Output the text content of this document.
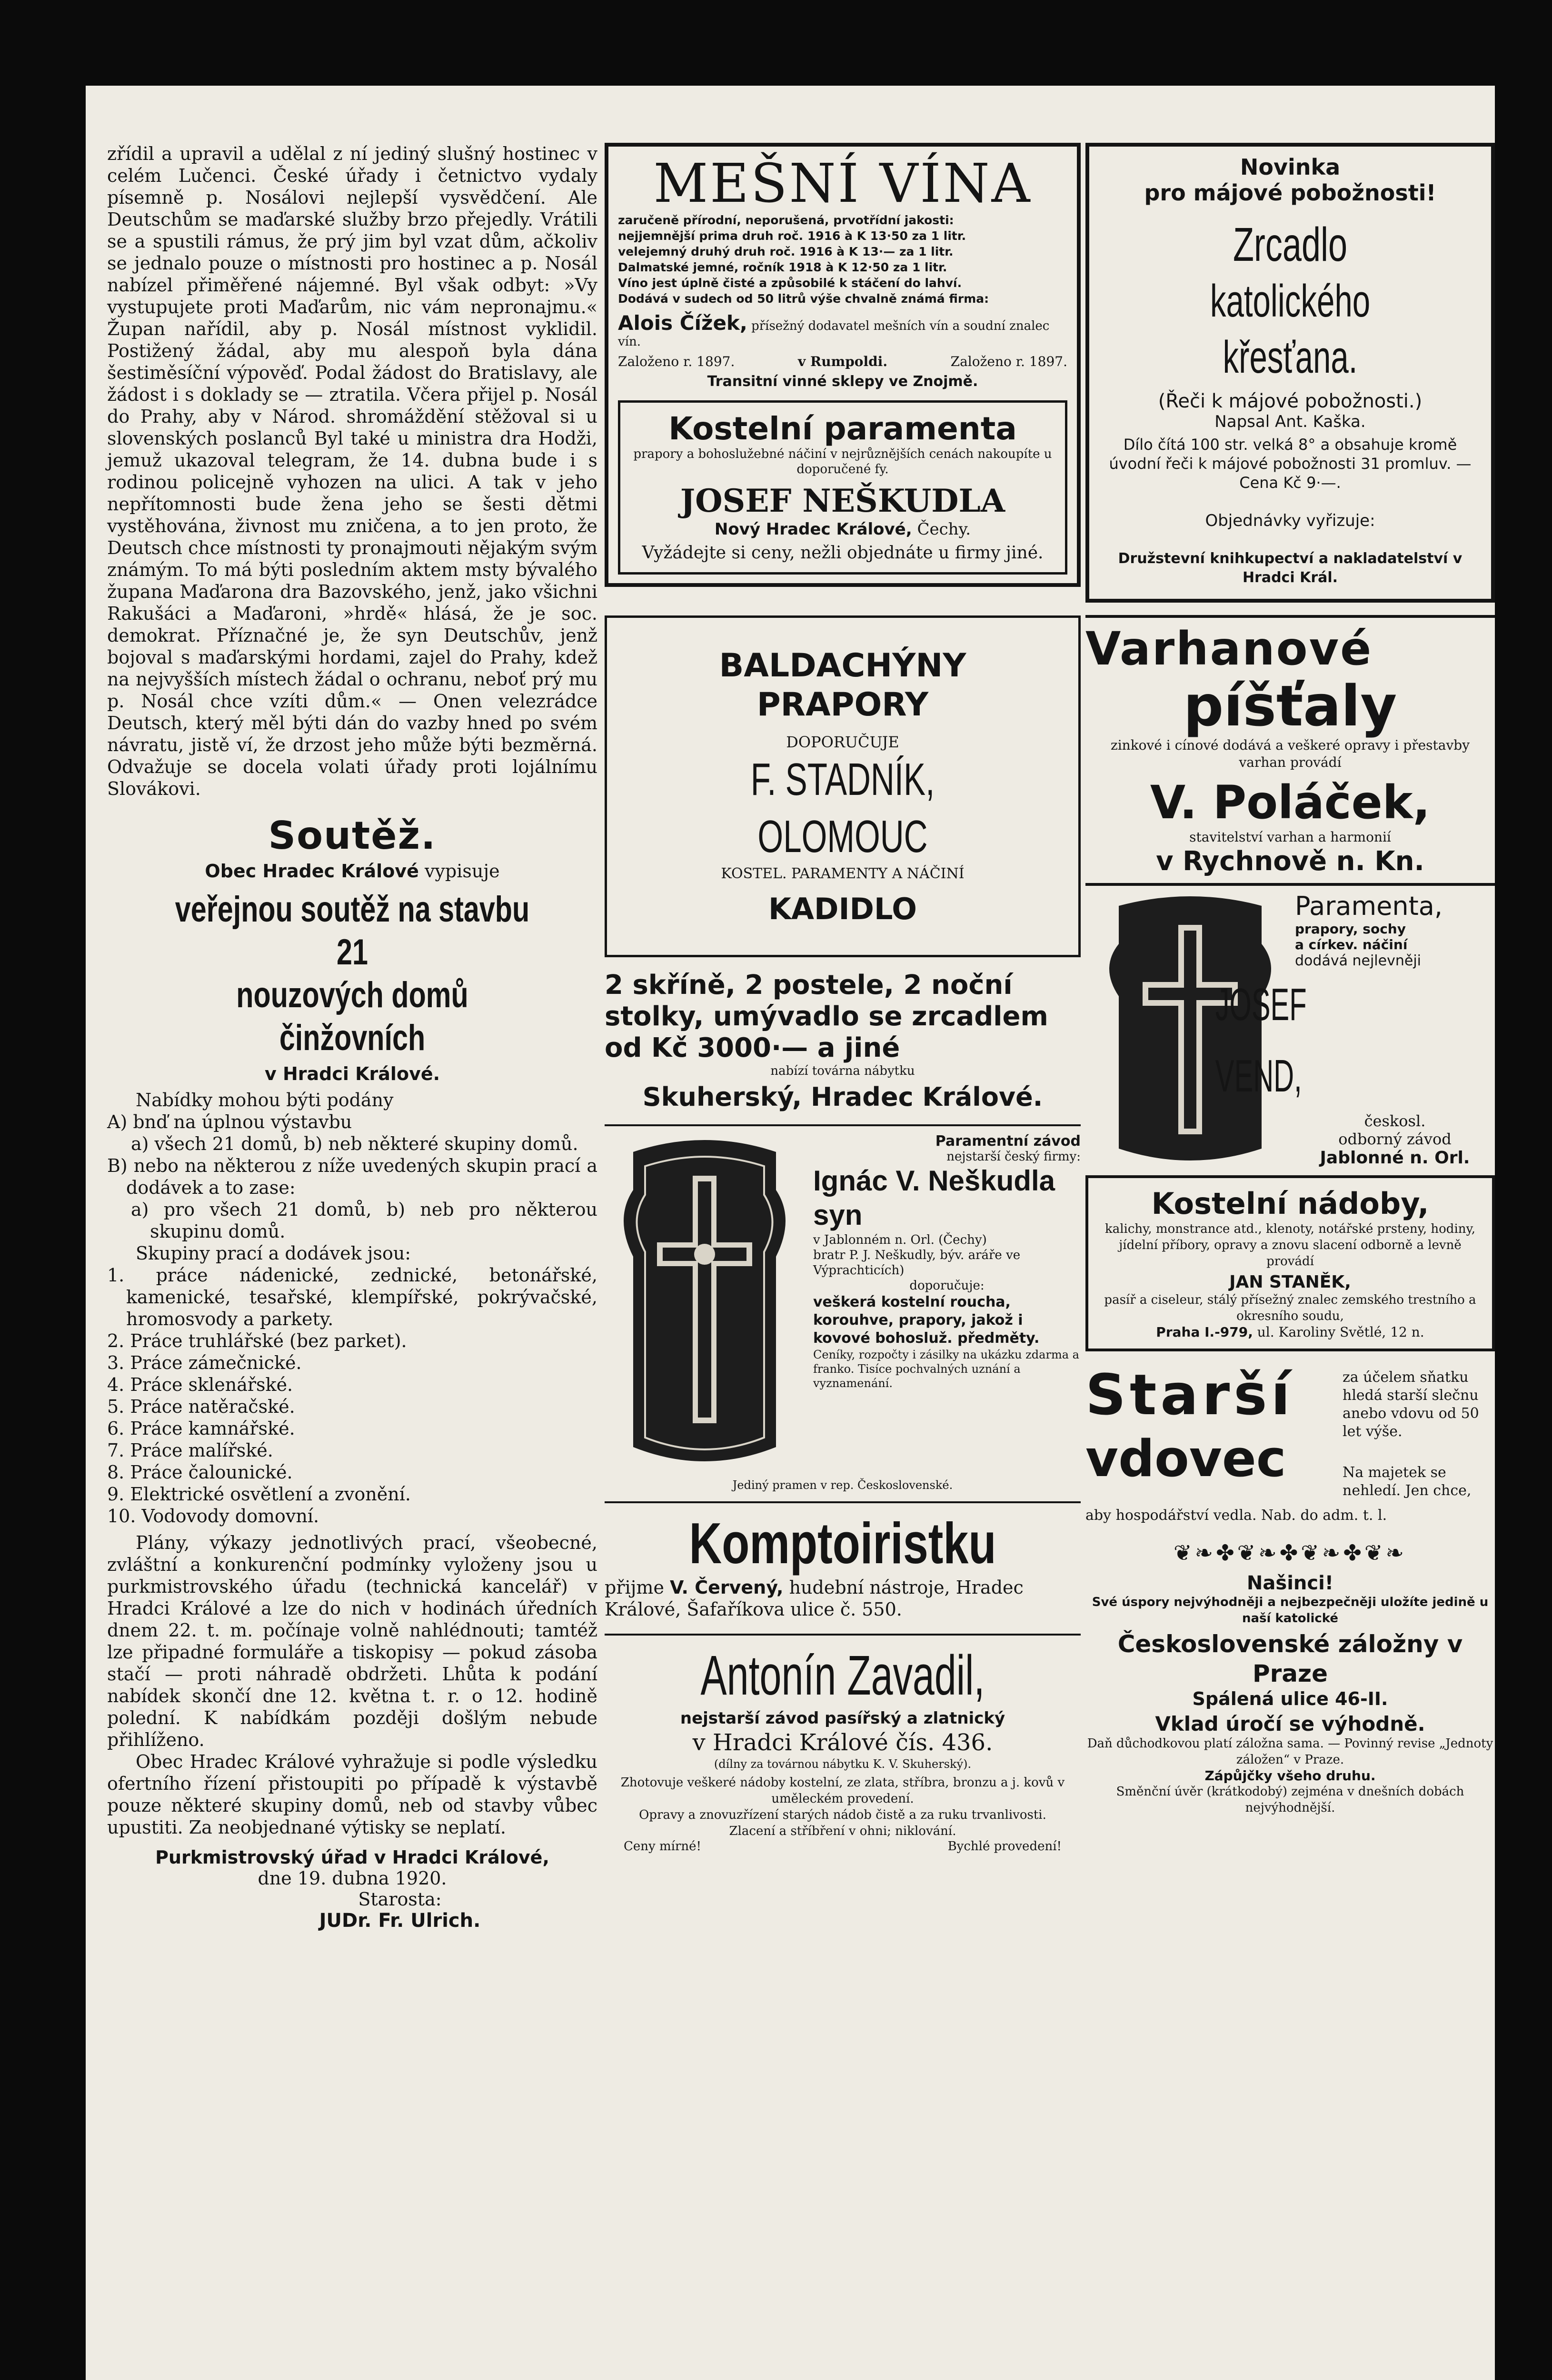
zřídil a upravil a udělal z ní jediný slušný hostinec v celém Lučenci. České úřady i četnictvo vydaly písemně p. Nosálovi nejlepší vysvědčení. Ale Deutschům se maďarské služby brzo přejedly. Vrátili se a spustili rámus, že prý jim byl vzat dům, ačkoliv se jednalo pouze o místnosti pro hostinec a p. Nosál nabízel přiměřené nájemné. Byl však odbyt: »Vy vystupujete proti Maďarům, nic vám nepronajmu.« Župan nařídil, aby p. Nosál místnost vyklidil. Postižený žádal, aby mu alespoň byla dána šestiměsíční výpověď. Podal žádost do Bratislavy, ale žádost i s doklady se — ztratila. Včera přijel p. Nosál do Prahy, aby v Národ. shromáždění stěžoval si u slovenských poslanců Byl také u ministra dra Hodži, jemuž ukazoval telegram, že 14. dubna bude i s rodinou policejně vyhozen na ulici. A tak v jeho nepřítomnosti bude žena jeho se šesti dětmi vystěhována, živnost mu zničena, a to jen proto, že Deutsch chce místnosti ty pronajmouti nějakým svým známým. To má býti posledním aktem msty bývalého župana Maďarona dra Bazovského, jenž, jako všichni Rakušáci a Maďaroni, »hrdě« hlásá, že je soc. demokrat. Příznačné je, že syn Deutschův, jenž bojoval s maďarskými hordami, zajel do Prahy, kdež na nejvyšších místech žádal o ochranu, neboť prý mu p. Nosál chce vzíti dům.« — Onen velezrádce Deutsch, který měl býti dán do vazby hned po svém návratu, jistě ví, že drzost jeho může býti bezměrná. Odvažuje se docela volati úřady proti lojálnímu Slovákovi.

Soutěž.

Obec Hradec Králové vypisuje

veřejnou soutěž na stavbu 21

nouzových domů činžovních

v Hradci Králové.

Nabídky mohou býti podány

A) bnď na úplnou výstavbu

a) všech 21 domů, b) neb některé skupiny domů.

B) nebo na některou z níže uvedených skupin prací a dodávek a to zase:

a) pro všech 21 domů, b) neb pro některou skupinu domů.

Skupiny prací a dodávek jsou:

1. práce nádenické, zednické, betonářské, kamenické, tesařské, klempířské, pokrývačské, hromosvody a parkety.

2. Práce truhlářské (bez parket).

3. Práce zámečnické.

4. Práce sklenářské.

5. Práce natěračské.

6. Práce kamnářské.

7. Práce malířské.

8. Práce čalounické.

9. Elektrické osvětlení a zvonění.

10. Vodovody domovní.

Plány, výkazy jednotlivých prací, všeobecné, zvláštní a konkurenční podmínky vyloženy jsou u purkmistrovského úřadu (technická kancelář) v Hradci Králové a lze do nich v hodinách úředních dnem 22. t. m. počínaje volně nahlédnouti; tamtéž lze připadné formuláře a tiskopisy — pokud zásoba stačí — proti náhradě obdržeti. Lhůta k podání nabídek skončí dne 12. května t. r. o 12. hodině polední. K nabídkám později došlým nebude přihlíženo.

Obec Hradec Králové vyhražuje si podle výsledku ofertního řízení přistoupiti po případě k výstavbě pouze některé skupiny domů, neb od stavby vůbec upustiti. Za neobjednané výtisky se neplatí.

Purkmistrovský úřad v Hradci Králové,

dne 19. dubna 1920.

Starosta:

JUDr. Fr. Ulrich.

MEŠNÍ VÍNA

zaručeně přírodní, neporušená, prvotřídní jakosti:

nejjemnější prima druh roč. 1916 à K 13·50 za 1 litr.

velejemný druhý druh roč. 1916 à K 13·— za 1 litr.

Dalmatské jemné, ročník 1918 à K 12·50 za 1 litr.

Víno jest úplně čisté a způsobilé k stáčení do lahví.

Dodává v sudech od 50 litrů výše chvalně známá firma:

Alois Čížek, přísežný dodavatel mešních vín a soudní znalec vín.

Založeno r. 1897.	v Rumpoldi.	Založeno r. 1897.

Transitní vinné sklepy ve Znojmě.

Kostelní paramenta

prapory a bohoslužebné náčiní v nejrůznějších cenách nakoupíte u doporučené fy.

JOSEF NEŠKUDLA

Nový Hradec Králové, Čechy.

Vyžádejte si ceny, nežli objednáte u firmy jiné.

BALDACHÝNY

PRAPORY

DOPORUČUJE

F. STADNÍK, OLOMOUC

KOSTEL. PARAMENTY A NÁČINÍ

KADIDLO

2 skříně, 2 postele, 2 noční stolky, umývadlo se zrcadlem od Kč 3000·— a jiné

nabízí továrna nábytku

Skuherský, Hradec Králové.

Paramentní závod

nejstarší český firmy:

Ignác V. Neškudla syn

v Jablonném n. Orl. (Čechy)

bratr P. J. Neškudly, býv. aráře ve Výprachticích)

doporučuje:

veškerá kostelní roucha, korouhve, prapory, jakož i kovové bohosluž. předměty.

Ceníky, rozpočty i zásilky na ukázku zdarma a franko. Tisíce pochvalných uznání a vyznamenání.

Jediný pramen v rep. Československé.

Komptoiristku

přijme V. Červený, hudební nástroje, Hradec Králové, Šafaříkova ulice č. 550.

Antonín Zavadil,

nejstarší závod pasířský a zlatnický

v Hradci Králové čís. 436.

(dílny za továrnou nábytku K. V. Skuherský).

Zhotovuje veškeré nádoby kostelní, ze zlata, stříbra, bronzu a j. kovů v uměleckém provedení.

Opravy a znovuzřízení starých nádob čistě a za ruku trvanlivosti.

Zlacení a stříbření v ohni; niklování.

Ceny mírné!	Bychlé provedení!

Novinka

pro májové pobožnosti!

Zrcadlo

katolického křesťana.

(Řeči k májové pobožnosti.)

Napsal Ant. Kaška.

Dílo čítá 100 str. velká 8° a obsahuje kromě úvodní řeči k májové pobožnosti 31 promluv. — Cena Kč 9·—.

Objednávky vyřizuje:

Družstevní knihkupectví a nakladatelství v Hradci Král.

Varhanové

píšťaly

zinkové i cínové dodává a veškeré opravy i přestavby varhan provádí

V. Poláček,

stavitelství varhan a harmonií

v Rychnově n. Kn.

Paramenta,

prapory, sochy

a církev. náčiní

dodává nejlevněji

JOSEF VEND,

českosl.

odborný závod

Jablonné n. Orl.

Kostelní nádoby,

kalichy, monstrance atd., klenoty, notářské prsteny, hodiny, jídelní příbory, opravy a znovu slacení odborně a levně provádí

JAN STANĚK,

pasíř a ciseleur, stálý přísežný znalec zemského trestního a okresního soudu,

Praha I.-979, ul. Karoliny Světlé, 12 n.

Starší

vdovec

za účelem sňatku hledá starší slečnu anebo vdovu od 50 let výše.

Na majetek se nehledí. Jen chce,

aby hospodářství vedla. Nab. do adm. t. l.

❦❧✤❦❧✤❦❧✤❦❧

Našinci!

Své úspory nejvýhodněji a nejbezpečněji uložíte jedině u naší katolické

Československé záložny v Praze

Spálená ulice 46-II.

Vklad úročí se výhodně.

Daň důchodkovou platí záložna sama. — Povinný revise „Jednoty záložen“ v Praze.

Zápůjčky všeho druhu.

Směnční úvěr (krátkodobý) zejména v dnešních dobách nejvýhodnější.
